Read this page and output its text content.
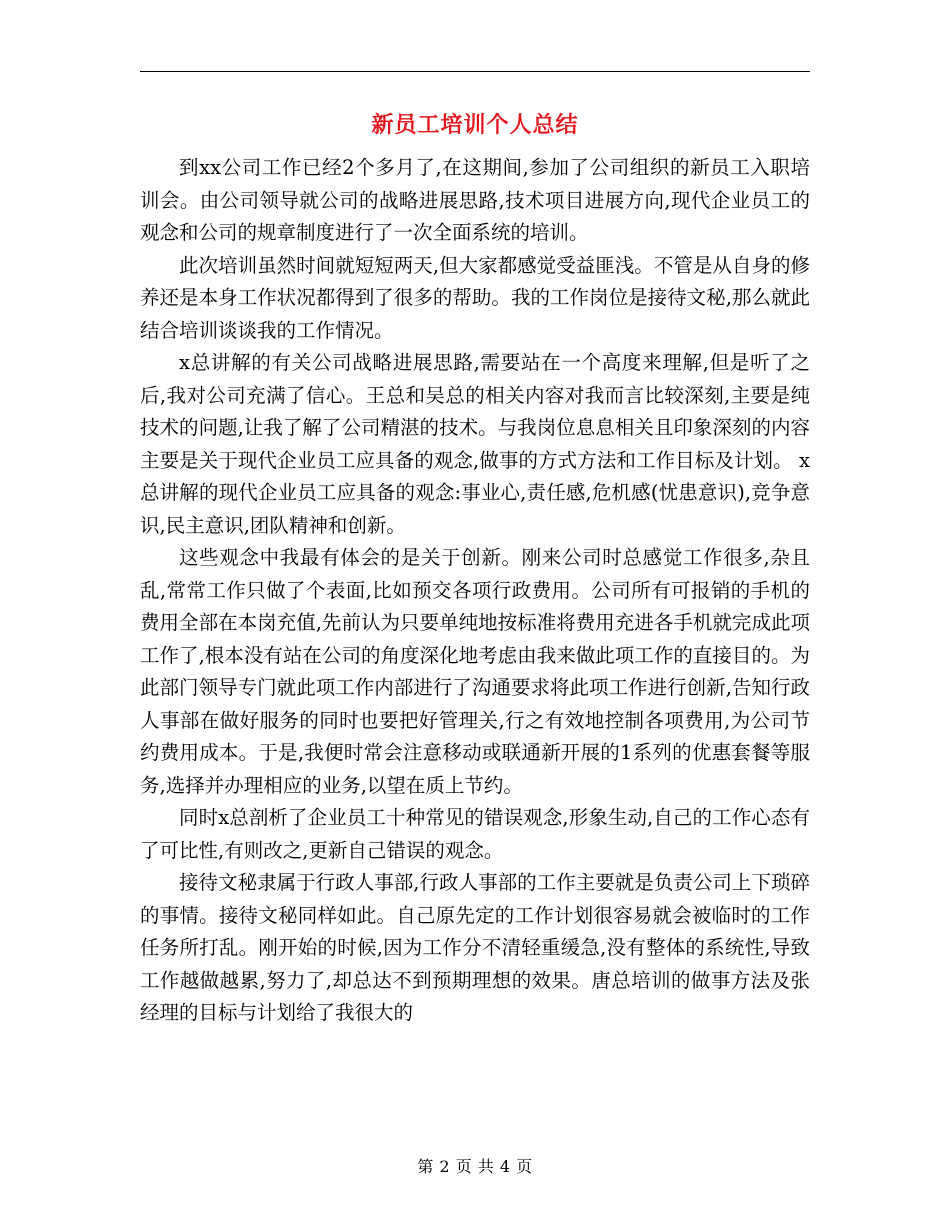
新员工培训个人总结

到xx公司工作已经2个多月了,在这期间,参加了公司组织的新员工入职培训会。由公司领导就公司的战略进展思路,技术项目进展方向,现代企业员工的观念和公司的规章制度进行了一次全面系统的培训。

此次培训虽然时间就短短两天,但大家都感觉受益匪浅。不管是从自身的修养还是本身工作状况都得到了很多的帮助。我的工作岗位是接待文秘,那么就此结合培训谈谈我的工作情况。

x总讲解的有关公司战略进展思路,需要站在一个高度来理解,但是听了之后,我对公司充满了信心。王总和吴总的相关内容对我而言比较深刻,主要是纯技术的问题,让我了解了公司精湛的技术。与我岗位息息相关且印象深刻的内容主要是关于现代企业员工应具备的观念,做事的方式方法和工作目标及计划。 x总讲解的现代企业员工应具备的观念:事业心,责任感,危机感(忧患意识),竞争意识,民主意识,团队精神和创新。

这些观念中我最有体会的是关于创新。刚来公司时总感觉工作很多,杂且乱,常常工作只做了个表面,比如预交各项行政费用。公司所有可报销的手机的费用全部在本岗充值,先前认为只要单纯地按标准将费用充进各手机就完成此项工作了,根本没有站在公司的角度深化地考虑由我来做此项工作的直接目的。为此部门领导专门就此项工作内部进行了沟通要求将此项工作进行创新,告知行政人事部在做好服务的同时也要把好管理关,行之有效地控制各项费用,为公司节约费用成本。于是,我便时常会注意移动或联通新开展的1系列的优惠套餐等服务,选择并办理相应的业务,以望在质上节约。

同时x总剖析了企业员工十种常见的错误观念,形象生动,自己的工作心态有了可比性,有则改之,更新自己错误的观念。

接待文秘隶属于行政人事部,行政人事部的工作主要就是负责公司上下琐碎的事情。接待文秘同样如此。自己原先定的工作计划很容易就会被临时的工作任务所打乱。刚开始的时候,因为工作分不清轻重缓急,没有整体的系统性,导致工作越做越累,努力了,却总达不到预期理想的效果。唐总培训的做事方法及张经理的目标与计划给了我很大的

第 2 页 共 4 页
